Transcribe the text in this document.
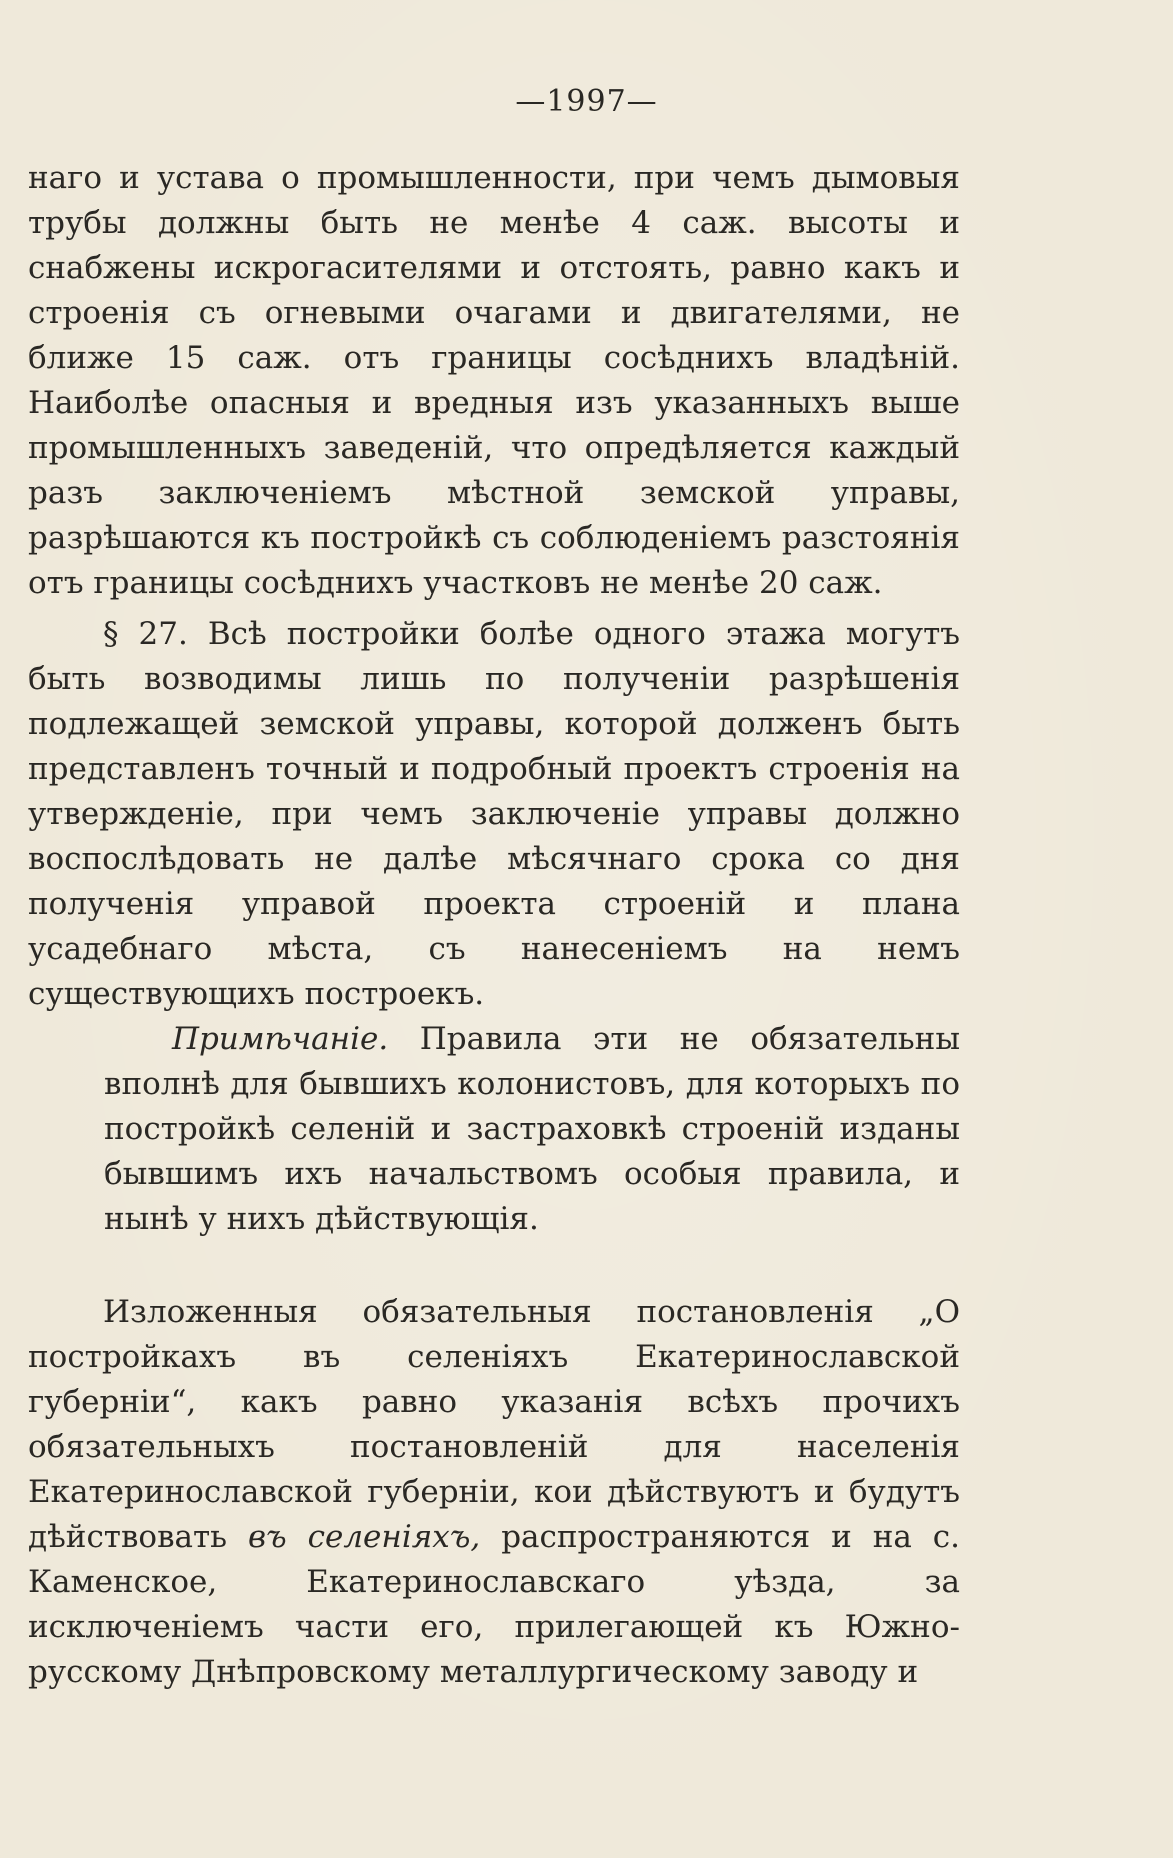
—1997—

наго и устава о промышленности, при чемъ дымовыя трубы должны быть не менѣе 4 саж. высоты и снабжены искрогасителями и отстоять, равно какъ и строенія съ огневыми очагами и двигателями, не ближе 15 саж. отъ границы сосѣднихъ владѣній. Наиболѣе опасныя и вредныя изъ указанныхъ выше промышленныхъ заведеній, что опредѣляется каждый разъ заключеніемъ мѣстной земской управы, разрѣшаются къ постройкѣ съ соблюденіемъ разстоянія отъ границы сосѣднихъ участковъ не менѣе 20 саж.

§ 27. Всѣ постройки болѣе одного этажа могутъ быть возводимы лишь по полученіи разрѣшенія подлежащей земской управы, которой долженъ быть представленъ точный и подробный проектъ строенія на утвержденіе, при чемъ заключеніе управы должно воспослѣдовать не далѣе мѣсячнаго срока со дня полученія управой проекта строеній и плана усадебнаго мѣста, съ нанесеніемъ на немъ существующихъ построекъ.

Примѣчаніе. Правила эти не обязательны вполнѣ для бывшихъ колонистовъ, для которыхъ по постройкѣ селеній и застраховкѣ строеній изданы бывшимъ ихъ начальствомъ особыя правила, и нынѣ у нихъ дѣйствующія.

Изложенныя обязательныя постановленія „О постройкахъ въ селеніяхъ Екатеринославской губерніи“, какъ равно указанія всѣхъ прочихъ обязательныхъ постановленій для населенія Екатеринославской губерніи, кои дѣйствуютъ и будутъ дѣйствовать въ селеніяхъ, распространяются и на с. Каменское, Екатеринославскаго уѣзда, за исключеніемъ части его, прилегающей къ Южно-русскому Днѣпровскому металлургическому заводу и
